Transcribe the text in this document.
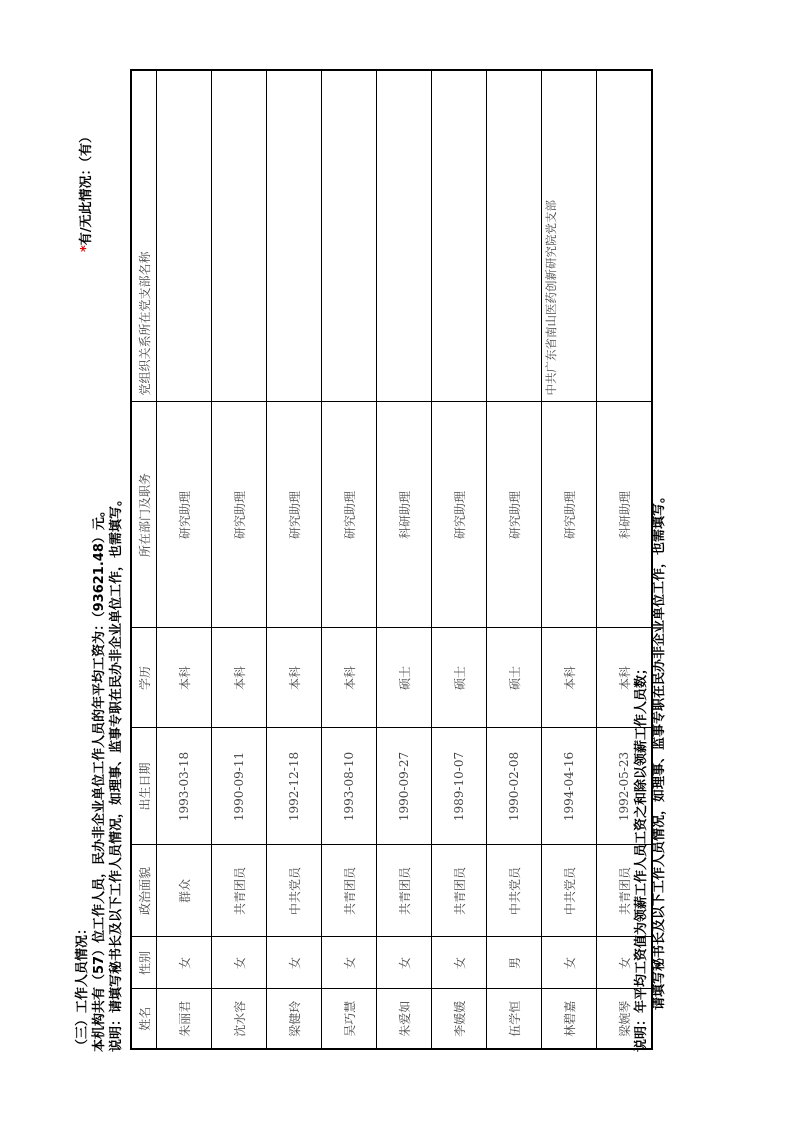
（三）工作人员情况： 本机构共有（57）位工作人员，民办非企业单位工作人员的年平均工资为：（93621.48）元。 说明：请填写秘书长及以下工作人员情况，如理事、监事专职在民办非企业单位工作，也需填写。
*有/无此情况：（有）
姓名	性别	政治面貌	出生日期	学历	所在部门及职务	党组织关系所在党支部名称
朱丽君	女	群众	1993-03-18	本科	研究助理	
沈水容	女	共青团员	1990-09-11	本科	研究助理	
梁健玲	女	中共党员	1992-12-18	本科	研究助理	
吴巧慧	女	共青团员	1993-08-10	本科	研究助理	
朱爱如	女	共青团员	1990-09-27	硕士	科研助理	
李媛媛	女	共青团员	1989-10-07	硕士	研究助理	
伍学恒	男	中共党员	1990-02-08	硕士	研究助理	
林碧嘉	女	中共党员	1994-04-16	本科	研究助理	中共广东省南山医药创新研究院党支部
梁婉琴	女	共青团员	1992-05-23	本科	科研助理	
说明：年平均工资值为领薪工作人员工资之和除以领薪工作人员数； 请填写秘书长及以下工作人员情况，如理事、监事专职在民办非企业单位工作，也需填写。
